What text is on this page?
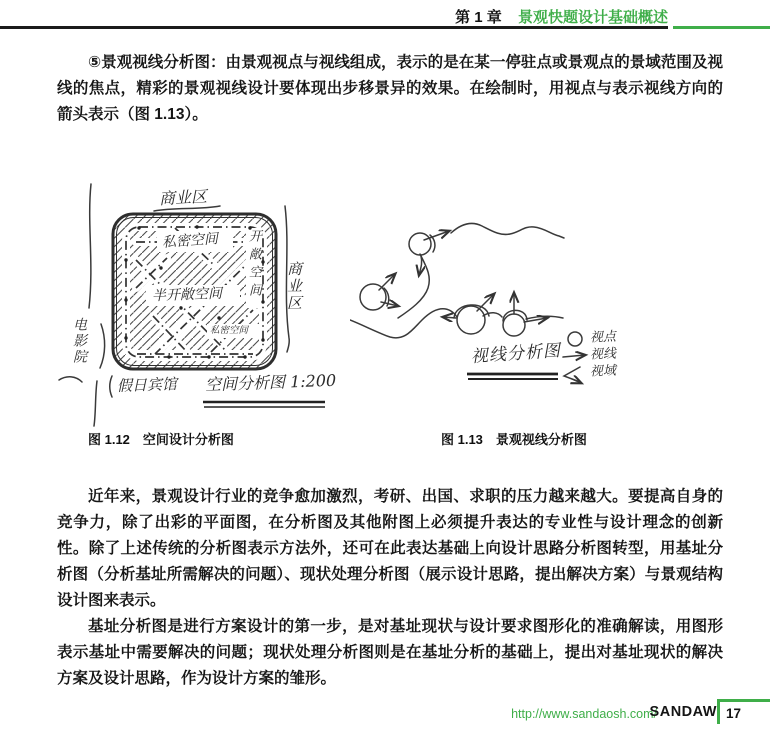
第 1 章 景观快题设计基础概述

⑤景观视线分析图：由景观视点与视线组成，表示的是在某一停驻点或景观点的景域范围及视线的焦点，精彩的景观视线设计要体现出步移景异的效果。在绘制时，用视点与表示视线方向的箭头表示（图 1.13）。

商业区
商业区
电影院
假日宾馆
私密空间 开敞空间
半开敞空间
私密空间
空间分析图 1:200
视线分析图
视点
视线
视域
图 1.12　空间设计分析图	图 1.13　景观视线分析图

近年来，景观设计行业的竞争愈加激烈，考研、出国、求职的压力越来越大。要提高自身的竞争力，除了出彩的平面图，在分析图及其他附图上必须提升表达的专业性与设计理念的创新性。除了上述传统的分析图表示方法外，还可在此表达基础上向设计思路分析图转型，用基址分析图（分析基址所需解决的问题）、现状处理分析图（展示设计思路，提出解决方案）与景观结构设计图来表示。

基址分析图是进行方案设计的第一步，是对基址现状与设计要求图形化的准确解读，用图形表示基址中需要解决的问题；现状处理分析图则是在基址分析的基础上，提出对基址现状的解决方案及设计思路，作为设计方案的雏形。

http://www.sandaosh.com/
SANDAW 17
